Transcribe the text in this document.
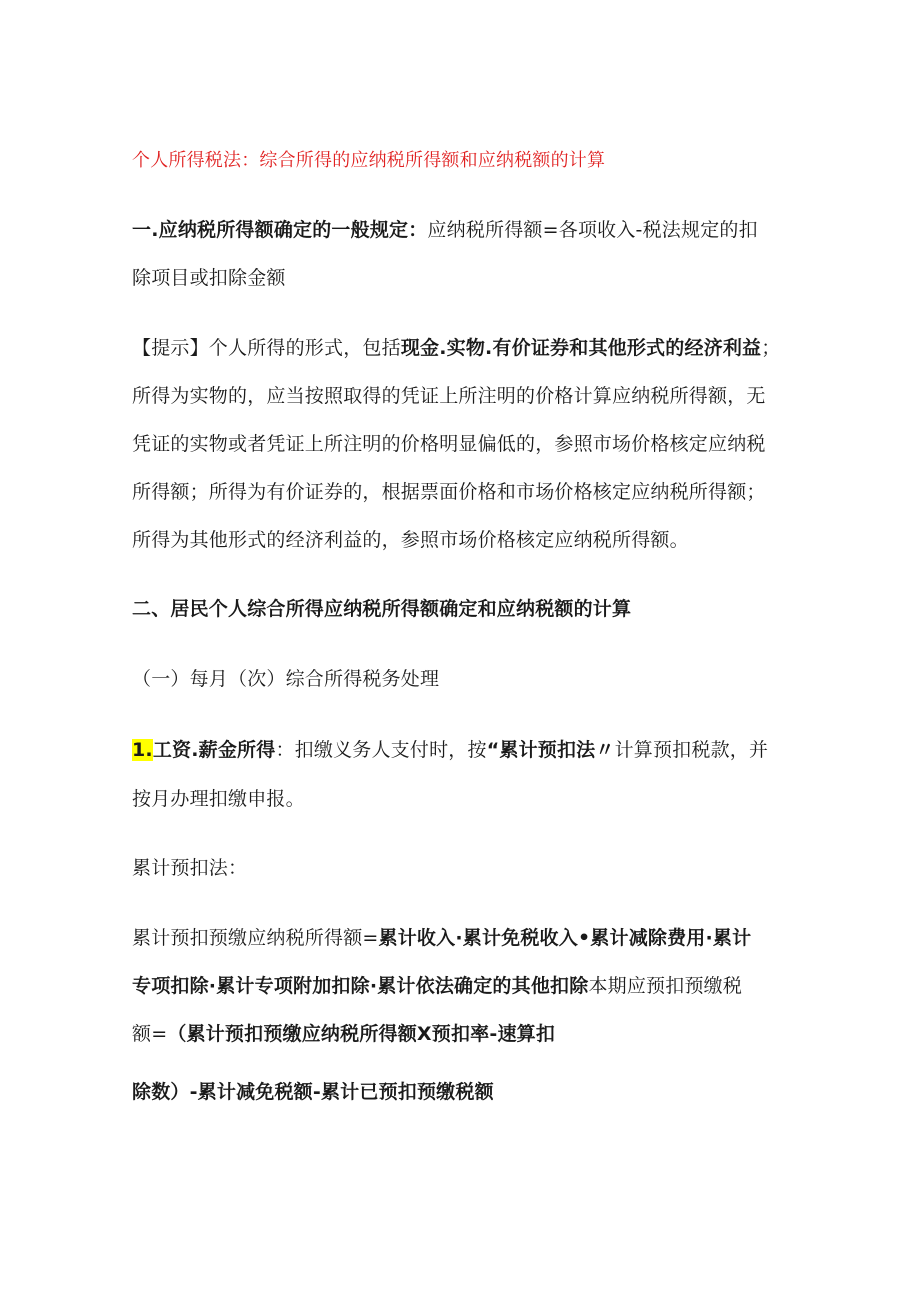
个人所得税法：综合所得的应纳税所得额和应纳税额的计算
一.应纳税所得额确定的一般规定：应纳税所得额=各项收入-税法规定的扣
除项目或扣除金额
【提示】个人所得的形式，包括现金.实物.有价证券和其他形式的经济利益；
所得为实物的，应当按照取得的凭证上所注明的价格计算应纳税所得额，无
凭证的实物或者凭证上所注明的价格明显偏低的，参照市场价格核定应纳税
所得额；所得为有价证券的，根据票面价格和市场价格核定应纳税所得额；
所得为其他形式的经济利益的，参照市场价格核定应纳税所得额。
二、居民个人综合所得应纳税所得额确定和应纳税额的计算
（一）每月（次）综合所得税务处理
1.工资.薪金所得：扣缴义务人支付时，按“累计预扣法〃计算预扣税款，并
按月办理扣缴申报。
累计预扣法：
累计预扣预缴应纳税所得额=累计收入·累计免税收入•累计减除费用·累计
专项扣除·累计专项附加扣除·累计依法确定的其他扣除本期应预扣预缴税
额=（累计预扣预缴应纳税所得额X预扣率-速算扣
除数）-累计减免税额-累计已预扣预缴税额
